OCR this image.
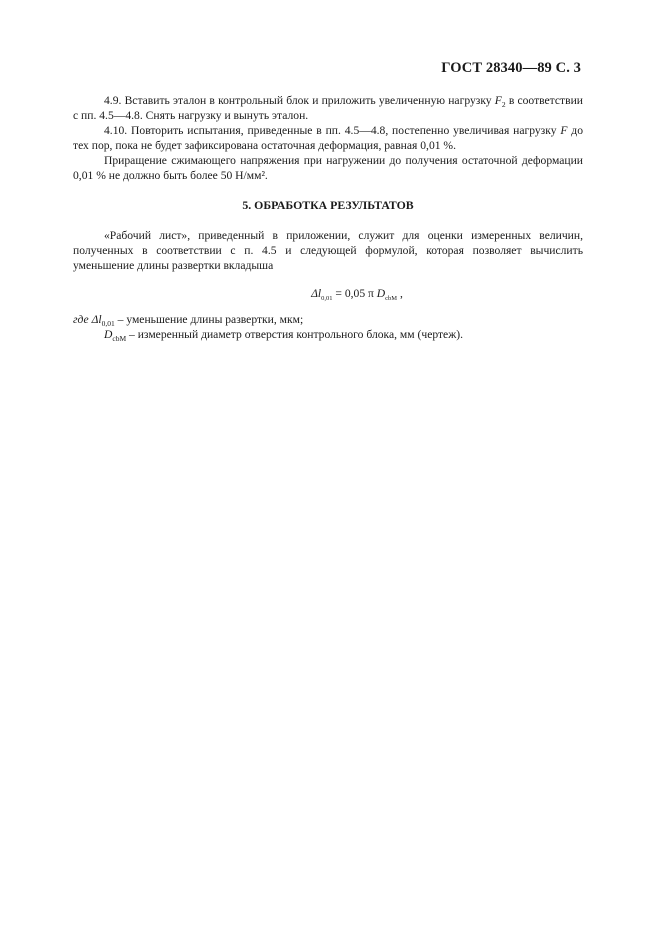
ГОСТ 28340—89 С. 3

4.9. Вставить эталон в контрольный блок и приложить увеличенную нагрузку $F_2$ в соответствии с пп. 4.5—4.8. Снять нагрузку и вынуть эталон.

4.10. Повторить испытания, приведенные в пп. 4.5—4.8, постепенно увеличивая нагрузку F до тех пор, пока не будет зафиксирована остаточная деформация, равная 0,01 %.

Приращение сжимающего напряжения при нагружении до получения остаточной деформации 0,01 % не должно быть более 50 Н/мм².

5. ОБРАБОТКА РЕЗУЛЬТАТОВ

«Рабочий лист», приведенный в приложении, служит для оценки измеренных величин, полученных в соответствии с п. 4.5 и следующей формулой, которая позволяет вычислить уменьшение длины развертки вкладыша

$\Delta l_{0,01} = 0,05$ π $D_{cbM}$ ,

где $\Delta l_{0,01}$ – уменьшение длины развертки, мкм;

$D_{cbM}$ – измеренный диаметр отверстия контрольного блока, мм (чертеж).
